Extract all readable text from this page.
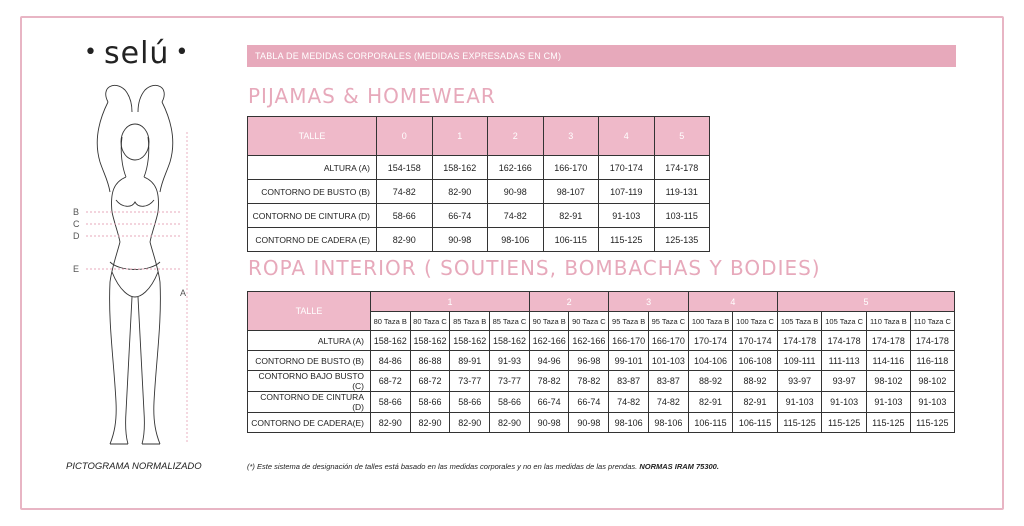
• selú •
B
C
D
E
A
PICTOGRAMA NORMALIZADO
TABLA DE MEDIDAS CORPORALES (MEDIDAS EXPRESADAS EN CM)
PIJAMAS & HOMEWEAR
TALLE	0	1	2	3	4	5
ALTURA (A)	154-158	158-162	162-166	166-170	170-174	174-178
CONTORNO DE BUSTO (B)	74-82	82-90	90-98	98-107	107-119	119-131
CONTORNO DE CINTURA (D)	58-66	66-74	74-82	82-91	91-103	103-115
CONTORNO DE CADERA (E)	82-90	90-98	98-106	106-115	115-125	125-135
ROPA INTERIOR ( SOUTIENS, BOMBACHAS Y BODIES)
TALLE	1				2		3		4		5			
	80 Taza B	80 Taza C	85 Taza B	85 Taza C	90 Taza B	90 Taza C	95 Taza B	95 Taza C	100 Taza B	100 Taza C	105 Taza B	105 Taza C	110 Taza B	110 Taza C
ALTURA (A)	158-162	158-162	158-162	158-162	162-166	162-166	166-170	166-170	170-174	170-174	174-178	174-178	174-178	174-178
CONTORNO DE BUSTO (B)	84-86	86-88	89-91	91-93	94-96	96-98	99-101	101-103	104-106	106-108	109-111	111-113	114-116	116-118
CONTORNO BAJO BUSTO (C)	68-72	68-72	73-77	73-77	78-82	78-82	83-87	83-87	88-92	88-92	93-97	93-97	98-102	98-102
CONTORNO DE CINTURA (D)	58-66	58-66	58-66	58-66	66-74	66-74	74-82	74-82	82-91	82-91	91-103	91-103	91-103	91-103
CONTORNO DE CADERA(E)	82-90	82-90	82-90	82-90	90-98	90-98	98-106	98-106	106-115	106-115	115-125	115-125	115-125	115-125
(*) Este sistema de designación de talles está basado en las medidas corporales y no en las medidas de las prendas. NORMAS IRAM 75300.
